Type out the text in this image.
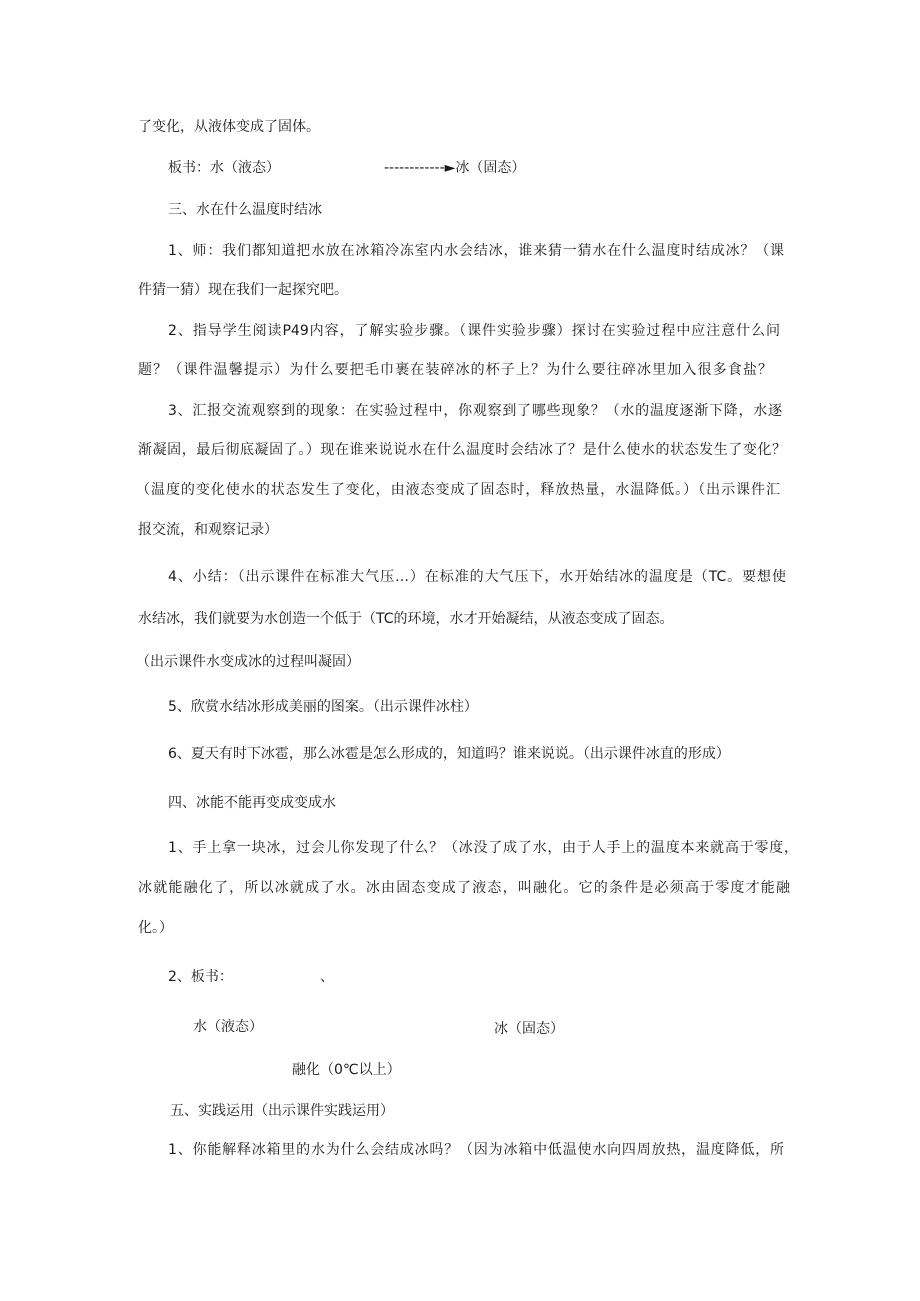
了变化，从液体变成了固体。
板书：水（液态）	------------►冰（固态）
三、水在什么温度时结冰
1、师：我们都知道把水放在冰箱冷冻室内水会结冰，谁来猜一猜水在什么温度时结成冰？（课
件猜一猜）现在我们一起探究吧。
2、指导学生阅读P49内容，了解实验步骤。（课件实验步骤）探讨在实验过程中应注意什么问
题？（课件温馨提示）为什么要把毛巾裹在装碎冰的杯子上？为什么要往碎冰里加入很多食盐？
3、汇报交流观察到的现象：在实验过程中，你观察到了哪些现象？（水的温度逐渐下降，水逐
渐凝固，最后彻底凝固了。）现在谁来说说水在什么温度时会结冰了？是什么使水的状态发生了变化？
（温度的变化使水的状态发生了变化，由液态变成了固态时，释放热量，水温降低。）（出示课件汇
报交流，和观察记录）
4、小结：（出示课件在标准大气压…）在标准的大气压下，水开始结冰的温度是（TC。要想使
水结冰，我们就要为水创造一个低于（TC的环境，水才开始凝结，从液态变成了固态。
（出示课件水变成冰的过程叫凝固）
5、欣赏水结冰形成美丽的图案。（出示课件冰柱）
6、夏天有时下冰雹，那么冰雹是怎么形成的，知道吗？谁来说说。（出示课件冰直的形成）
四、冰能不能再变成变成水
1、手上拿一块冰，过会儿你发现了什么？（冰没了成了水，由于人手上的温度本来就高于零度，
冰就能融化了，所以冰就成了水。冰由固态变成了液态，叫融化。它的条件是必须高于零度才能融
化。）
2、板书：	、
水（液态）	冰（固态）
融化（0℃以上）
五、实践运用（出示课件实践运用）
1、你能解释冰箱里的水为什么会结成冰吗？（因为冰箱中低温使水向四周放热，温度降低，所
